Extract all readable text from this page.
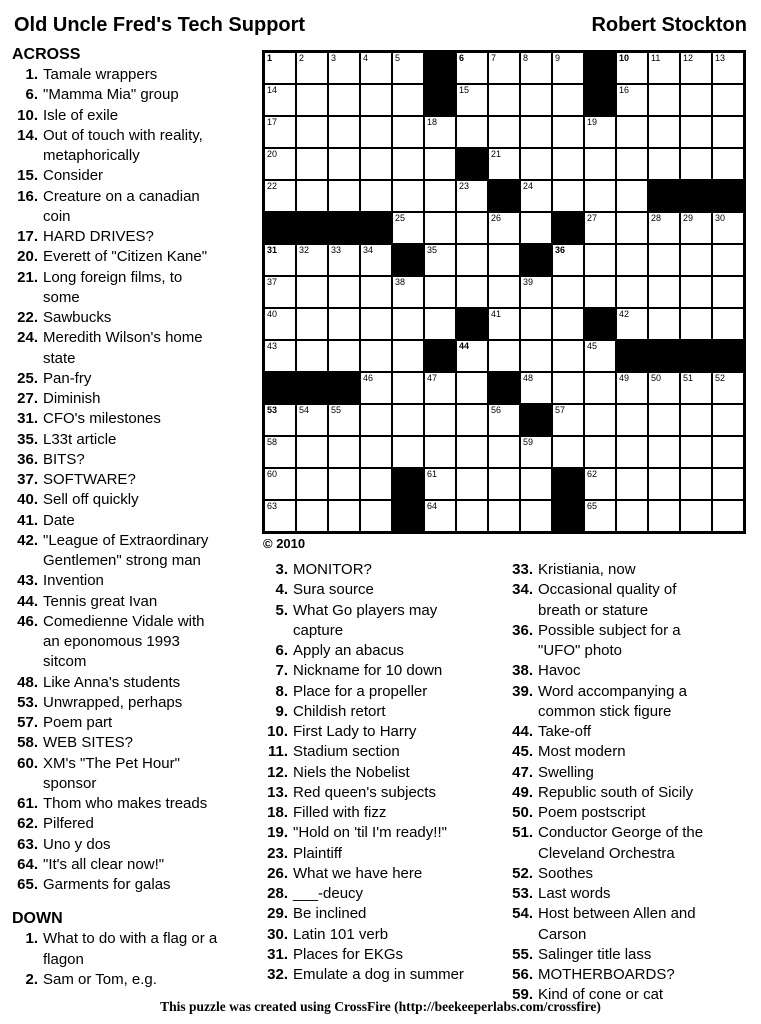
Old Uncle Fred's Tech Support	Robert Stockton
1	2	3	4	5	6	7	8	9	10 11	12 13
14	15	16
17	18	19
20	21
22	23	24
25	26	27	28 29 30
31 32 33 34	35	36
37	38	39
40	41	42
43	44	45
46	47	48	49 50 51 52
53 54 55	56	57
58	59
60	61	62
63	64	65
© 2010
ACROSS
1. Tamale wrappers
6. "Mamma Mia" group
10. Isle of exile
14. Out of touch with reality, metaphorically
15. Consider
16. Creature on a canadian coin
17. HARD DRIVES?
20. Everett of "Citizen Kane"
21. Long foreign films, to some
22. Sawbucks
24. Meredith Wilson's home state
25. Pan-fry
27. Diminish
31. CFO's milestones
35. L33t article
36. BITS?
37. SOFTWARE?
40. Sell off quickly
41. Date
42. "League of Extraordinary Gentlemen" strong man
43. Invention
44. Tennis great Ivan
46. Comedienne Vidale with an eponomous 1993 sitcom
48. Like Anna's students
53. Unwrapped, perhaps
57. Poem part
58. WEB SITES?
60. XM's "The Pet Hour" sponsor
61. Thom who makes treads
62. Pilfered
63. Uno y dos
64. "It's all clear now!"
65. Garments for galas
DOWN
1. What to do with a flag or a flagon
2. Sam or Tom, e.g.
3. MONITOR?
4. Sura source
5. What Go players may capture
6. Apply an abacus
7. Nickname for 10 down
8. Place for a propeller
9. Childish retort
10. First Lady to Harry
11. Stadium section
12. Niels the Nobelist
13. Red queen's subjects
18. Filled with fizz
19. "Hold on 'til I'm ready!!"
23. Plaintiff
26. What we have here
28. ___-deucy
29. Be inclined
30. Latin 101 verb
31. Places for EKGs
32. Emulate a dog in summer
33. Kristiania, now
34. Occasional quality of breath or stature
36. Possible subject for a "UFO" photo
38. Havoc
39. Word accompanying a common stick figure
44. Take-off
45. Most modern
47. Swelling
49. Republic south of Sicily
50. Poem postscript
51. Conductor George of the Cleveland Orchestra
52. Soothes
53. Last words
54. Host between Allen and Carson
55. Salinger title lass
56. MOTHERBOARDS?
59. Kind of cone or cat
This puzzle was created using CrossFire (http://beekeeperlabs.com/crossfire)
